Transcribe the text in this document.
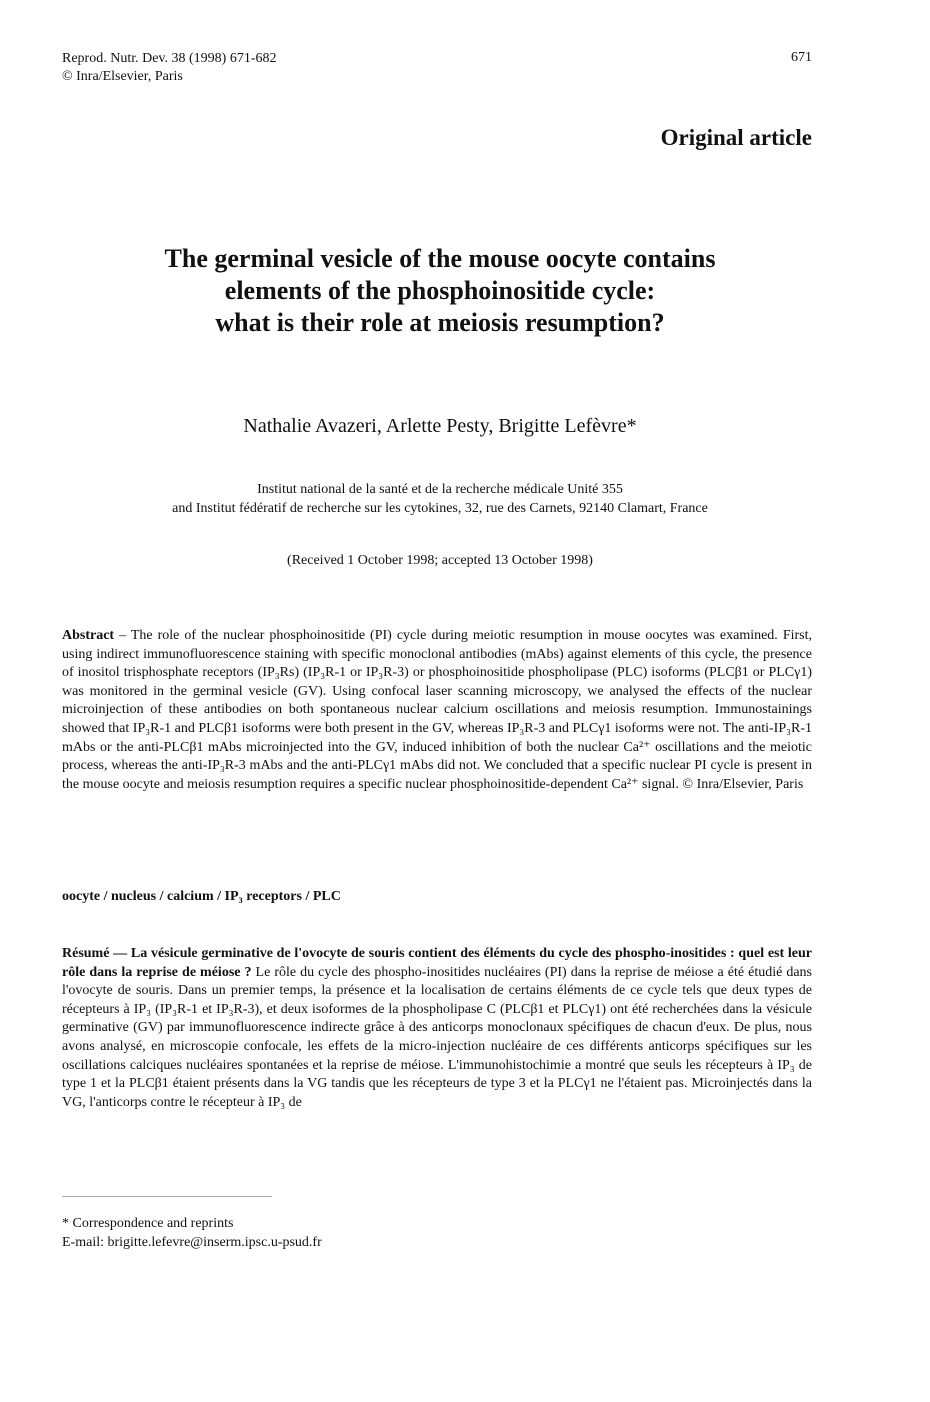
Reprod. Nutr. Dev. 38 (1998) 671-682
© Inra/Elsevier, Paris
671
Original article
The germinal vesicle of the mouse oocyte contains
elements of the phosphoinositide cycle:
what is their role at meiosis resumption?
Nathalie Avazeri, Arlette Pesty, Brigitte Lefèvre*
Institut national de la santé et de la recherche médicale Unité 355
and Institut fédératif de recherche sur les cytokines, 32, rue des Carnets, 92140 Clamart, France
(Received 1 October 1998; accepted 13 October 1998)
Abstract – The role of the nuclear phosphoinositide (PI) cycle during meiotic resumption in mouse oocytes was examined. First, using indirect immunofluorescence staining with specific monoclonal antibodies (mAbs) against elements of this cycle, the presence of inositol trisphosphate receptors (IP₃Rs) (IP₃R-1 or IP₃R-3) or phosphoinositide phospholipase (PLC) isoforms (PLCβ1 or PLCγ1) was monitored in the germinal vesicle (GV). Using confocal laser scanning microscopy, we analysed the effects of the nuclear microinjection of these antibodies on both spontaneous nuclear calcium oscillations and meiosis resumption. Immunostainings showed that IP₃R-1 and PLCβ1 isoforms were both present in the GV, whereas IP₃R-3 and PLCγ1 isoforms were not. The anti-IP₃R-1 mAbs or the anti-PLCβ1 mAbs microinjected into the GV, induced inhibition of both the nuclear Ca²⁺ oscillations and the meiotic process, whereas the anti-IP₃R-3 mAbs and the anti-PLCγ1 mAbs did not. We concluded that a specific nuclear PI cycle is present in the mouse oocyte and meiosis resumption requires a specific nuclear phosphoinositide-dependent Ca²⁺ signal. © Inra/Elsevier, Paris
oocyte / nucleus / calcium / IP₃ receptors / PLC
Résumé — La vésicule germinative de l'ovocyte de souris contient des éléments du cycle des phospho-inositides : quel est leur rôle dans la reprise de méiose ? Le rôle du cycle des phospho-inositides nucléaires (PI) dans la reprise de méiose a été étudié dans l'ovocyte de souris. Dans un premier temps, la présence et la localisation de certains éléments de ce cycle tels que deux types de récepteurs à IP₃ (IP₃R-1 et IP₃R-3), et deux isoformes de la phospholipase C (PLCβ1 et PLCγ1) ont été recherchées dans la vésicule germinative (GV) par immunofluorescence indirecte grâce à des anticorps monoclonaux spécifiques de chacun d'eux. De plus, nous avons analysé, en microscopie confocale, les effets de la micro-injection nucléaire de ces différents anticorps spécifiques sur les oscillations calciques nucléaires spontanées et la reprise de méiose. L'immunohistochimie a montré que seuls les récepteurs à IP₃ de type 1 et la PLCβ1 étaient présents dans la VG tandis que les récepteurs de type 3 et la PLCγ1 ne l'étaient pas. Microinjectés dans la VG, l'anticorps contre le récepteur à IP₃ de
* Correspondence and reprints
E-mail: brigitte.lefevre@inserm.ipsc.u-psud.fr
